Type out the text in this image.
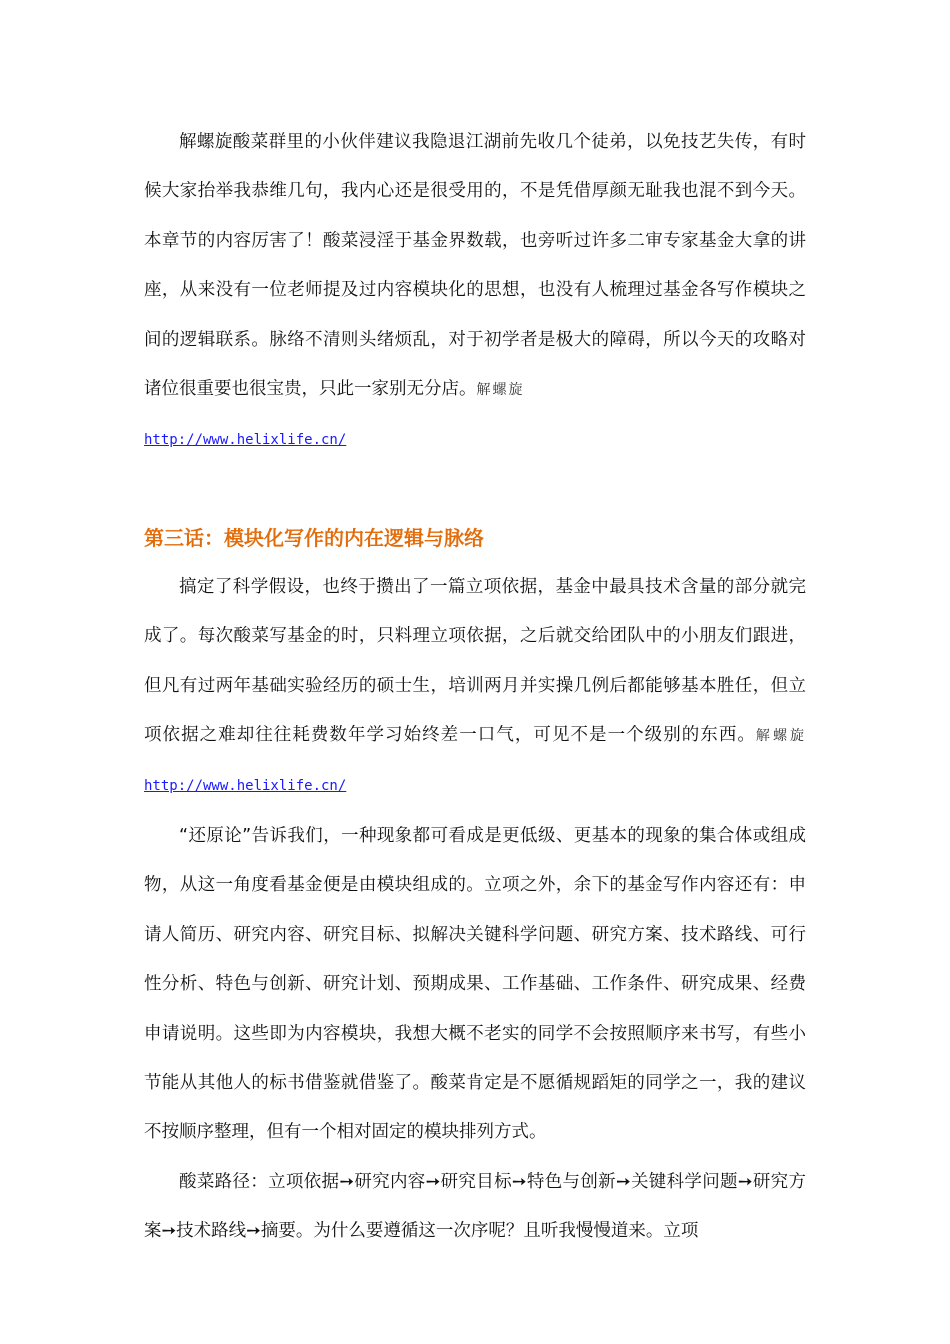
解螺旋酸菜群里的小伙伴建议我隐退江湖前先收几个徒弟，以免技艺失传，有时候大家抬举我恭维几句，我内心还是很受用的，不是凭借厚颜无耻我也混不到今天。本章节的内容厉害了！酸菜浸淫于基金界数载，也旁听过许多二审专家基金大拿的讲座，从来没有一位老师提及过内容模块化的思想，也没有人梳理过基金各写作模块之间的逻辑联系。脉络不清则头绪烦乱，对于初学者是极大的障碍，所以今天的攻略对诸位很重要也很宝贵，只此一家别无分店。解螺旋
http://www.helixlife.cn/

第三话：模块化写作的内在逻辑与脉络

搞定了科学假设，也终于攒出了一篇立项依据，基金中最具技术含量的部分就完成了。每次酸菜写基金的时，只料理立项依据，之后就交给团队中的小朋友们跟进，但凡有过两年基础实验经历的硕士生，培训两月并实操几例后都能够基本胜任，但立项依据之难却往往耗费数年学习始终差一口气，可见不是一个级别的东西。解螺旋http://www.helixlife.cn/

“还原论”告诉我们，一种现象都可看成是更低级、更基本的现象的集合体或组成物，从这一角度看基金便是由模块组成的。立项之外，余下的基金写作内容还有：申请人简历、研究内容、研究目标、拟解决关键科学问题、研究方案、技术路线、可行性分析、特色与创新、研究计划、预期成果、工作基础、工作条件、研究成果、经费申请说明。这些即为内容模块，我想大概不老实的同学不会按照顺序来书写，有些小节能从其他人的标书借鉴就借鉴了。酸菜肯定是不愿循规蹈矩的同学之一，我的建议不按顺序整理，但有一个相对固定的模块排列方式。

酸菜路径：立项依据➙研究内容➙研究目标➙特色与创新➙关键科学问题➙研究方案➙技术路线➙摘要。为什么要遵循这一次序呢？且听我慢慢道来。立项
